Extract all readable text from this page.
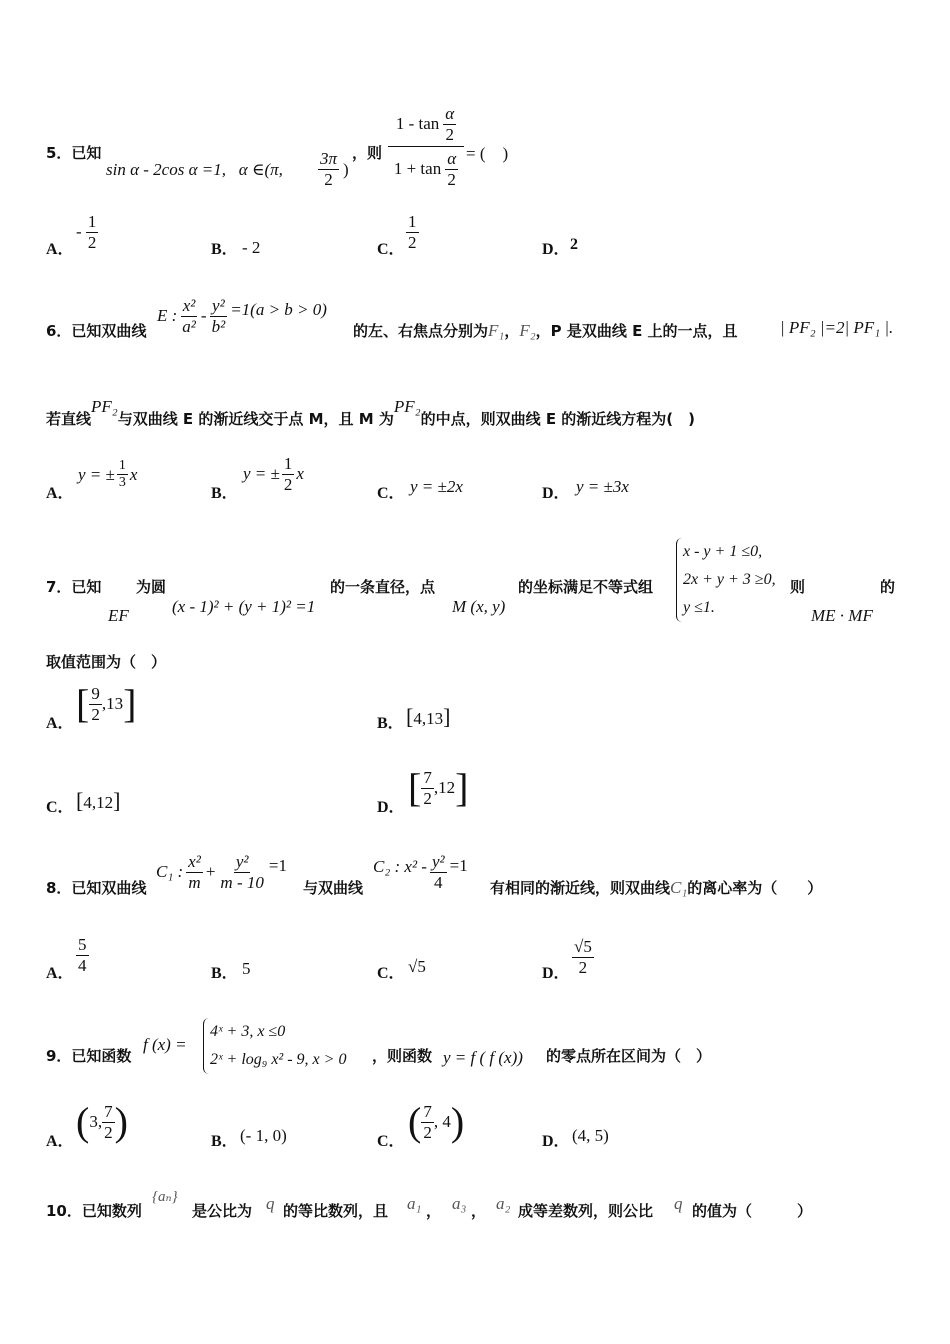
5．已知
sin α - 2cos α =1, α ∈(π, $\frac{3\pi}{2}$ )
，则
$1 - \tan \frac{\alpha}{2}$
$1 + \tan \frac{\alpha}{2}$ = (　)
A．
- $\frac{1}{2}$	B． - 2	C． $\frac{1}{2}$	D． 2
6．已知双曲线
E : $\frac{\text{x²}}{\text{a²}} - \frac{\text{y²}}{\text{b²}} =1(a > b > 0)$
的左、右焦点分别为F₁，F₂，P 是双曲线 E 上的一点，且 | PF₂ |=2| PF₁ |.
若直线PF₂与双曲线 E 的渐近线交于点 M，且 M 为PF₂的中点，则双曲线 E 的渐近线方程为(　)
A．
y = ± $\frac{1}{3}$ x
B．
y = ± $\frac{1}{2}$ x
C． y = ±2x	D． y = ±3x
7．已知
EF
为圆
(x - 1)² + (y + 1)² =1
的一条直径，点
M (x, y)
的坐标满足不等式组
x - y + 1 ≤0,
2x + y + 3 ≥0,
y ≤1.
则
ME · MF
的
取值范围为（　）
A． [ $\frac{9}{2} ,13$ ]	B． [4,13]
C． [4,12]	D． [ $\frac{7}{2} ,12$ ]
8．已知双曲线
C₁ : $\frac{\text{x²}}{m} + \frac{\text{y²}}{m - 10} =1$
与双曲线
C₂ : $x^2 - \frac{\text{y²}}{4} =1$
有相同的渐近线，则双曲线C₁的离心率为（　　）
A． $\frac{5}{4}$	B． 5	C． √5	D． $\frac{√5}{2}$
9．已知函数
f (x) =
4ˣ + 3, x ≤0
2ˣ + log₉ x² - 9, x > 0 ，则函数 y = f ( f (x)) 的零点所在区间为（　）
A． ( 3, $\frac{7}{2}$ )	B． (- 1, 0)	C． ( $\frac{7}{2}$ , 4 )	D． (4, 5)
10．已知数列
{aₙ}
是公比为 q 的等比数列，且 a₁ ， a₃ ， a₂ 成等差数列，则公比 q 的值为（　　　）
